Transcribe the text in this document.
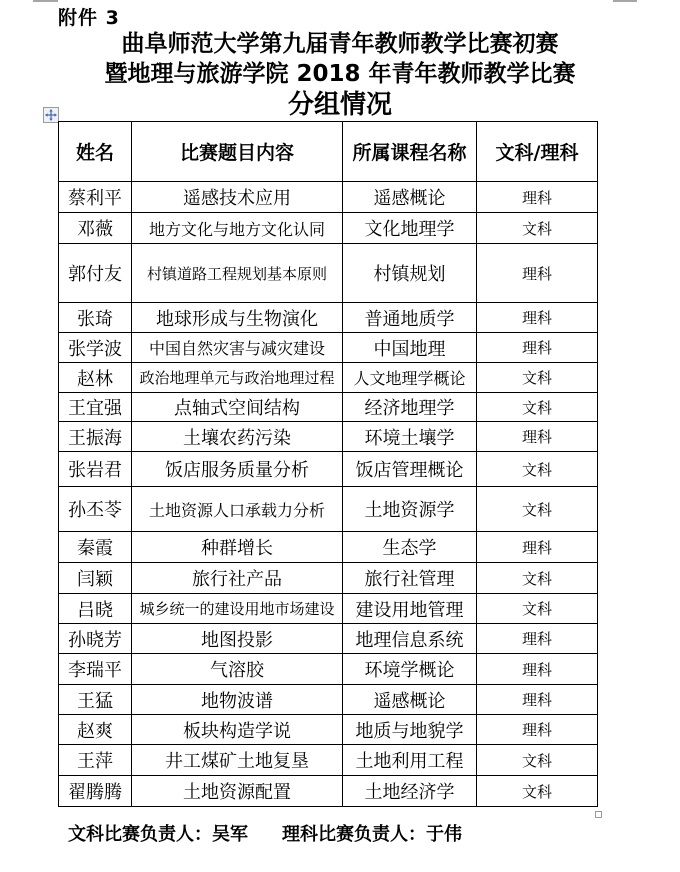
附件 3
曲阜师范大学第九届青年教师教学比赛初赛
暨地理与旅游学院 2018 年青年教师教学比赛
分组情况
姓名	比赛题目内容	所属课程名称	文科/理科
蔡利平	遥感技术应用	遥感概论	理科
邓薇	地方文化与地方文化认同	文化地理学	文科
郭付友	村镇道路工程规划基本原则	村镇规划	理科
张琦	地球形成与生物演化	普通地质学	理科
张学波	中国自然灾害与减灾建设	中国地理	理科
赵林	政治地理单元与政治地理过程	人文地理学概论	文科
王宜强	点轴式空间结构	经济地理学	文科
王振海	土壤农药污染	环境土壤学	理科
张岩君	饭店服务质量分析	饭店管理概论	文科
孙丕苓	土地资源人口承载力分析	土地资源学	文科
秦霞	种群增长	生态学	理科
闫颖	旅行社产品	旅行社管理	文科
吕晓	城乡统一的建设用地市场建设	建设用地管理	文科
孙晓芳	地图投影	地理信息系统	理科
李瑞平	气溶胶	环境学概论	理科
王猛	地物波谱	遥感概论	理科
赵爽	板块构造学说	地质与地貌学	理科
王萍	井工煤矿土地复垦	土地利用工程	文科
翟腾腾	土地资源配置	土地经济学	文科
文科比赛负责人：吴军 理科比赛负责人：于伟
